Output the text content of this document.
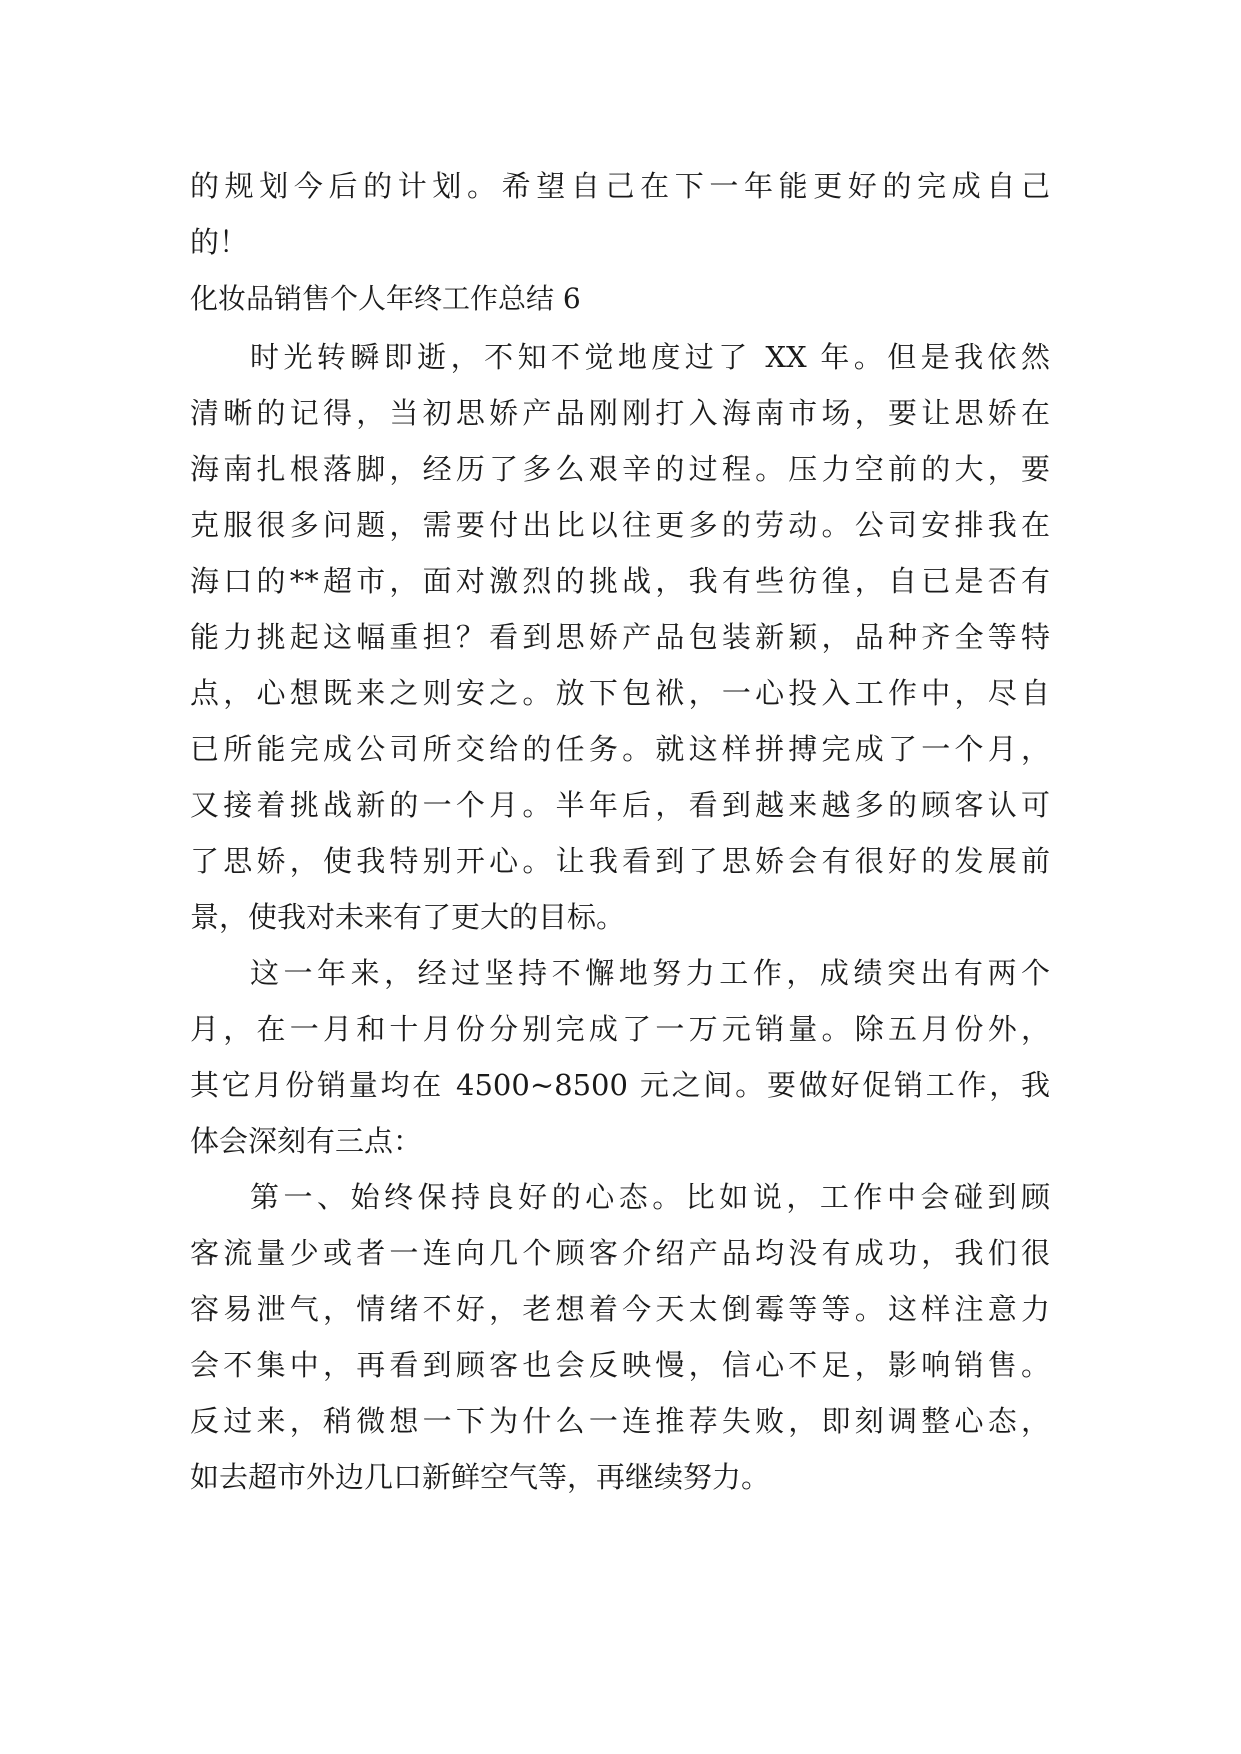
的规划今后的计划。希望自己在下一年能更好的完成自己
的！
化妆品销售个人年终工作总结 6
时光转瞬即逝，不知不觉地度过了 XX 年。但是我依然
清晰的记得，当初思娇产品刚刚打入海南市场，要让思娇在
海南扎根落脚，经历了多么艰辛的过程。压力空前的大，要
克服很多问题，需要付出比以往更多的劳动。公司安排我在
海口的**超市，面对激烈的挑战，我有些彷徨，自已是否有
能力挑起这幅重担？看到思娇产品包装新颖，品种齐全等特
点，心想既来之则安之。放下包袱，一心投入工作中，尽自
已所能完成公司所交给的任务。就这样拼搏完成了一个月，
又接着挑战新的一个月。半年后，看到越来越多的顾客认可
了思娇，使我特别开心。让我看到了思娇会有很好的发展前
景，使我对未来有了更大的目标。
这一年来，经过坚持不懈地努力工作，成绩突出有两个
月，在一月和十月份分别完成了一万元销量。除五月份外，
其它月份销量均在 4500~8500 元之间。要做好促销工作，我
体会深刻有三点：
第一、始终保持良好的心态。比如说，工作中会碰到顾
客流量少或者一连向几个顾客介绍产品均没有成功，我们很
容易泄气，情绪不好，老想着今天太倒霉等等。这样注意力
会不集中，再看到顾客也会反映慢，信心不足，影响销售。
反过来，稍微想一下为什么一连推荐失败，即刻调整心态，
如去超市外边几口新鲜空气等，再继续努力。
